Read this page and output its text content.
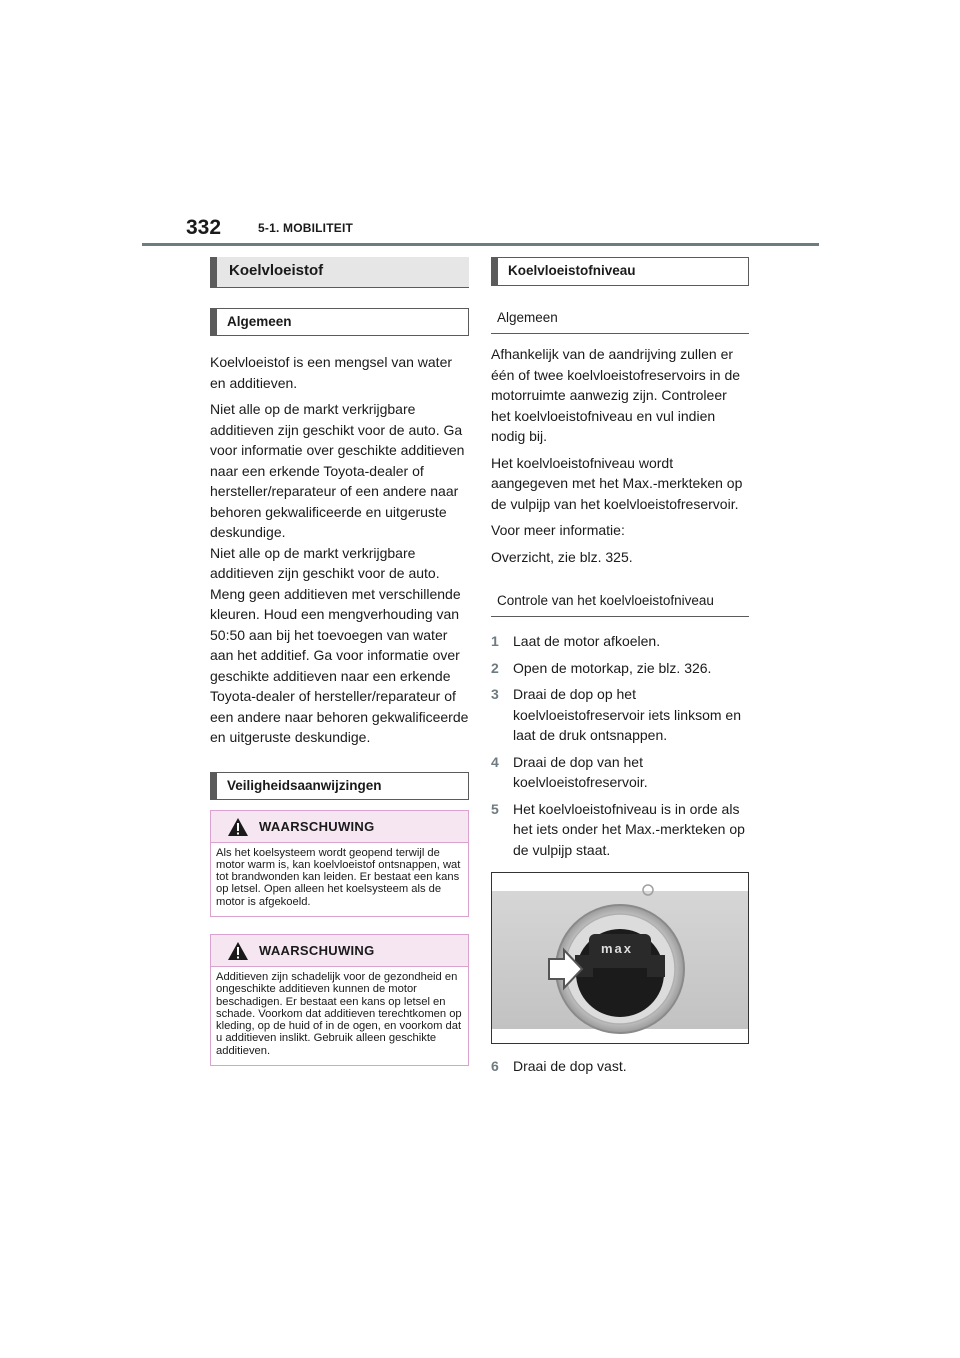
332	5-1. MOBILITEIT
Koelvloeistof
Algemeen

Koelvloeistof is een mengsel van water en additieven.

Niet alle op de markt verkrijgbare additieven zijn geschikt voor de auto. Ga voor informatie over geschikte additieven naar een erkende Toyota-dealer of hersteller/reparateur of een andere naar behoren gekwalificeerde en uitgeruste deskundige.

Niet alle op de markt verkrijgbare additieven zijn geschikt voor de auto. Meng geen additieven met verschillende kleuren. Houd een mengverhouding van 50:50 aan bij het toevoegen van water aan het additief. Ga voor informatie over geschikte additieven naar een erkende Toyota-dealer of hersteller/reparateur of een andere naar behoren gekwalificeerde en uitgeruste deskundige.

Veiligheidsaanwijzingen
WAARSCHUWING
Als het koelsysteem wordt geopend terwijl de motor warm is, kan koelvloeistof ontsnappen, wat tot brandwonden kan leiden. Er bestaat een kans op letsel. Open alleen het koelsysteem als de motor is afgekoeld.
WAARSCHUWING
Additieven zijn schadelijk voor de gezondheid en ongeschikte additieven kunnen de motor beschadigen. Er bestaat een kans op letsel en schade. Voorkom dat additieven terechtkomen op kleding, op de huid of in de ogen, en voorkom dat u additieven inslikt. Gebruik alleen geschikte additieven.
Koelvloeistofniveau
Algemeen

Afhankelijk van de aandrijving zullen er één of twee koelvloeistofreservoirs in de motorruimte aanwezig zijn. Controleer het koelvloeistofniveau en vul indien nodig bij.

Het koelvloeistofniveau wordt aangegeven met het Max.-merkteken op de vulpijp van het koelvloeistofreservoir.

Voor meer informatie:

Overzicht, zie blz. 325.

Controle van het koelvloeistofniveau
1 Laat de motor afkoelen.
2 Open de motorkap, zie blz. 326.
3 Draai de dop op het koelvloeistofreservoir iets linksom en laat de druk ontsnappen.
4 Draai de dop van het koelvloeistofreservoir.
5 Het koelvloeistofniveau is in orde als het iets onder het Max.-merkteken op de vulpijp staat.
max
6 Draai de dop vast.
